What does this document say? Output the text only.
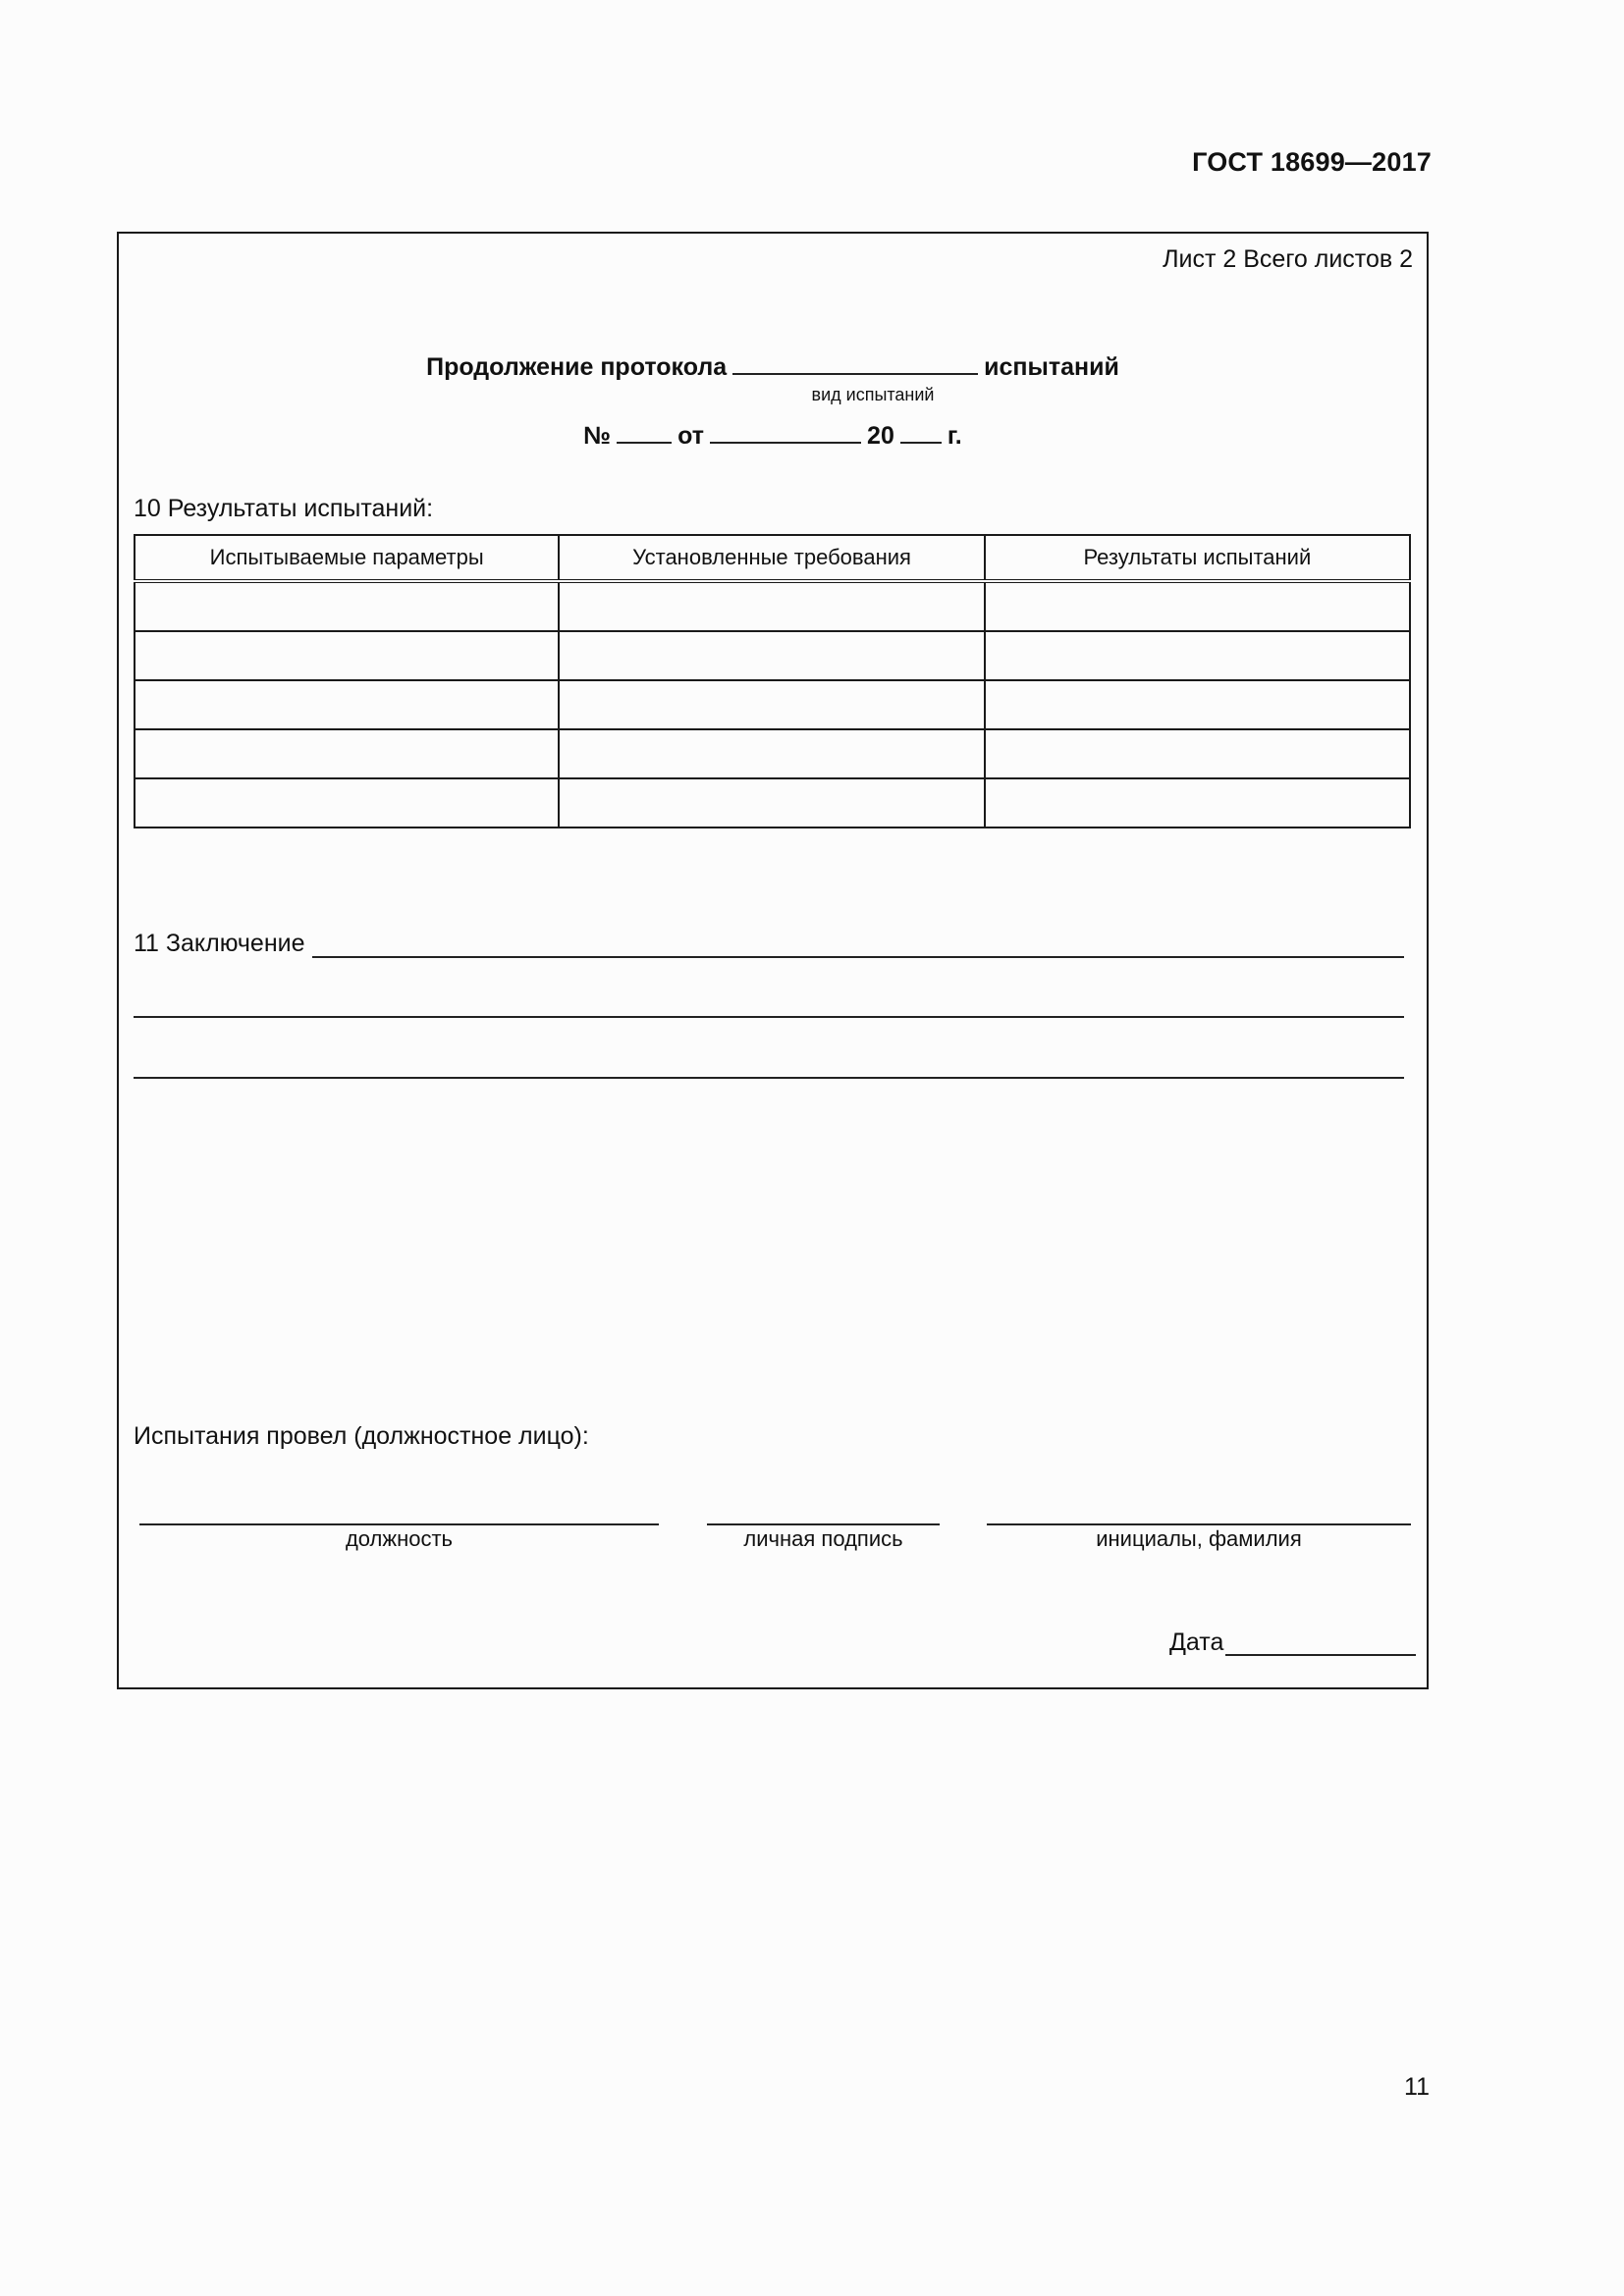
ГОСТ 18699—2017
Лист 2 Всего листов 2
Продолжение протокола	испытаний
вид испытаний
№	от	20 г.
10 Результаты испытаний:
Испытываемые параметры	Установленные требования	Результаты испытаний

11 Заключение
Испытания провел (должностное лицо):
должность	личная подпись	инициалы, фамилия
Дата
11
